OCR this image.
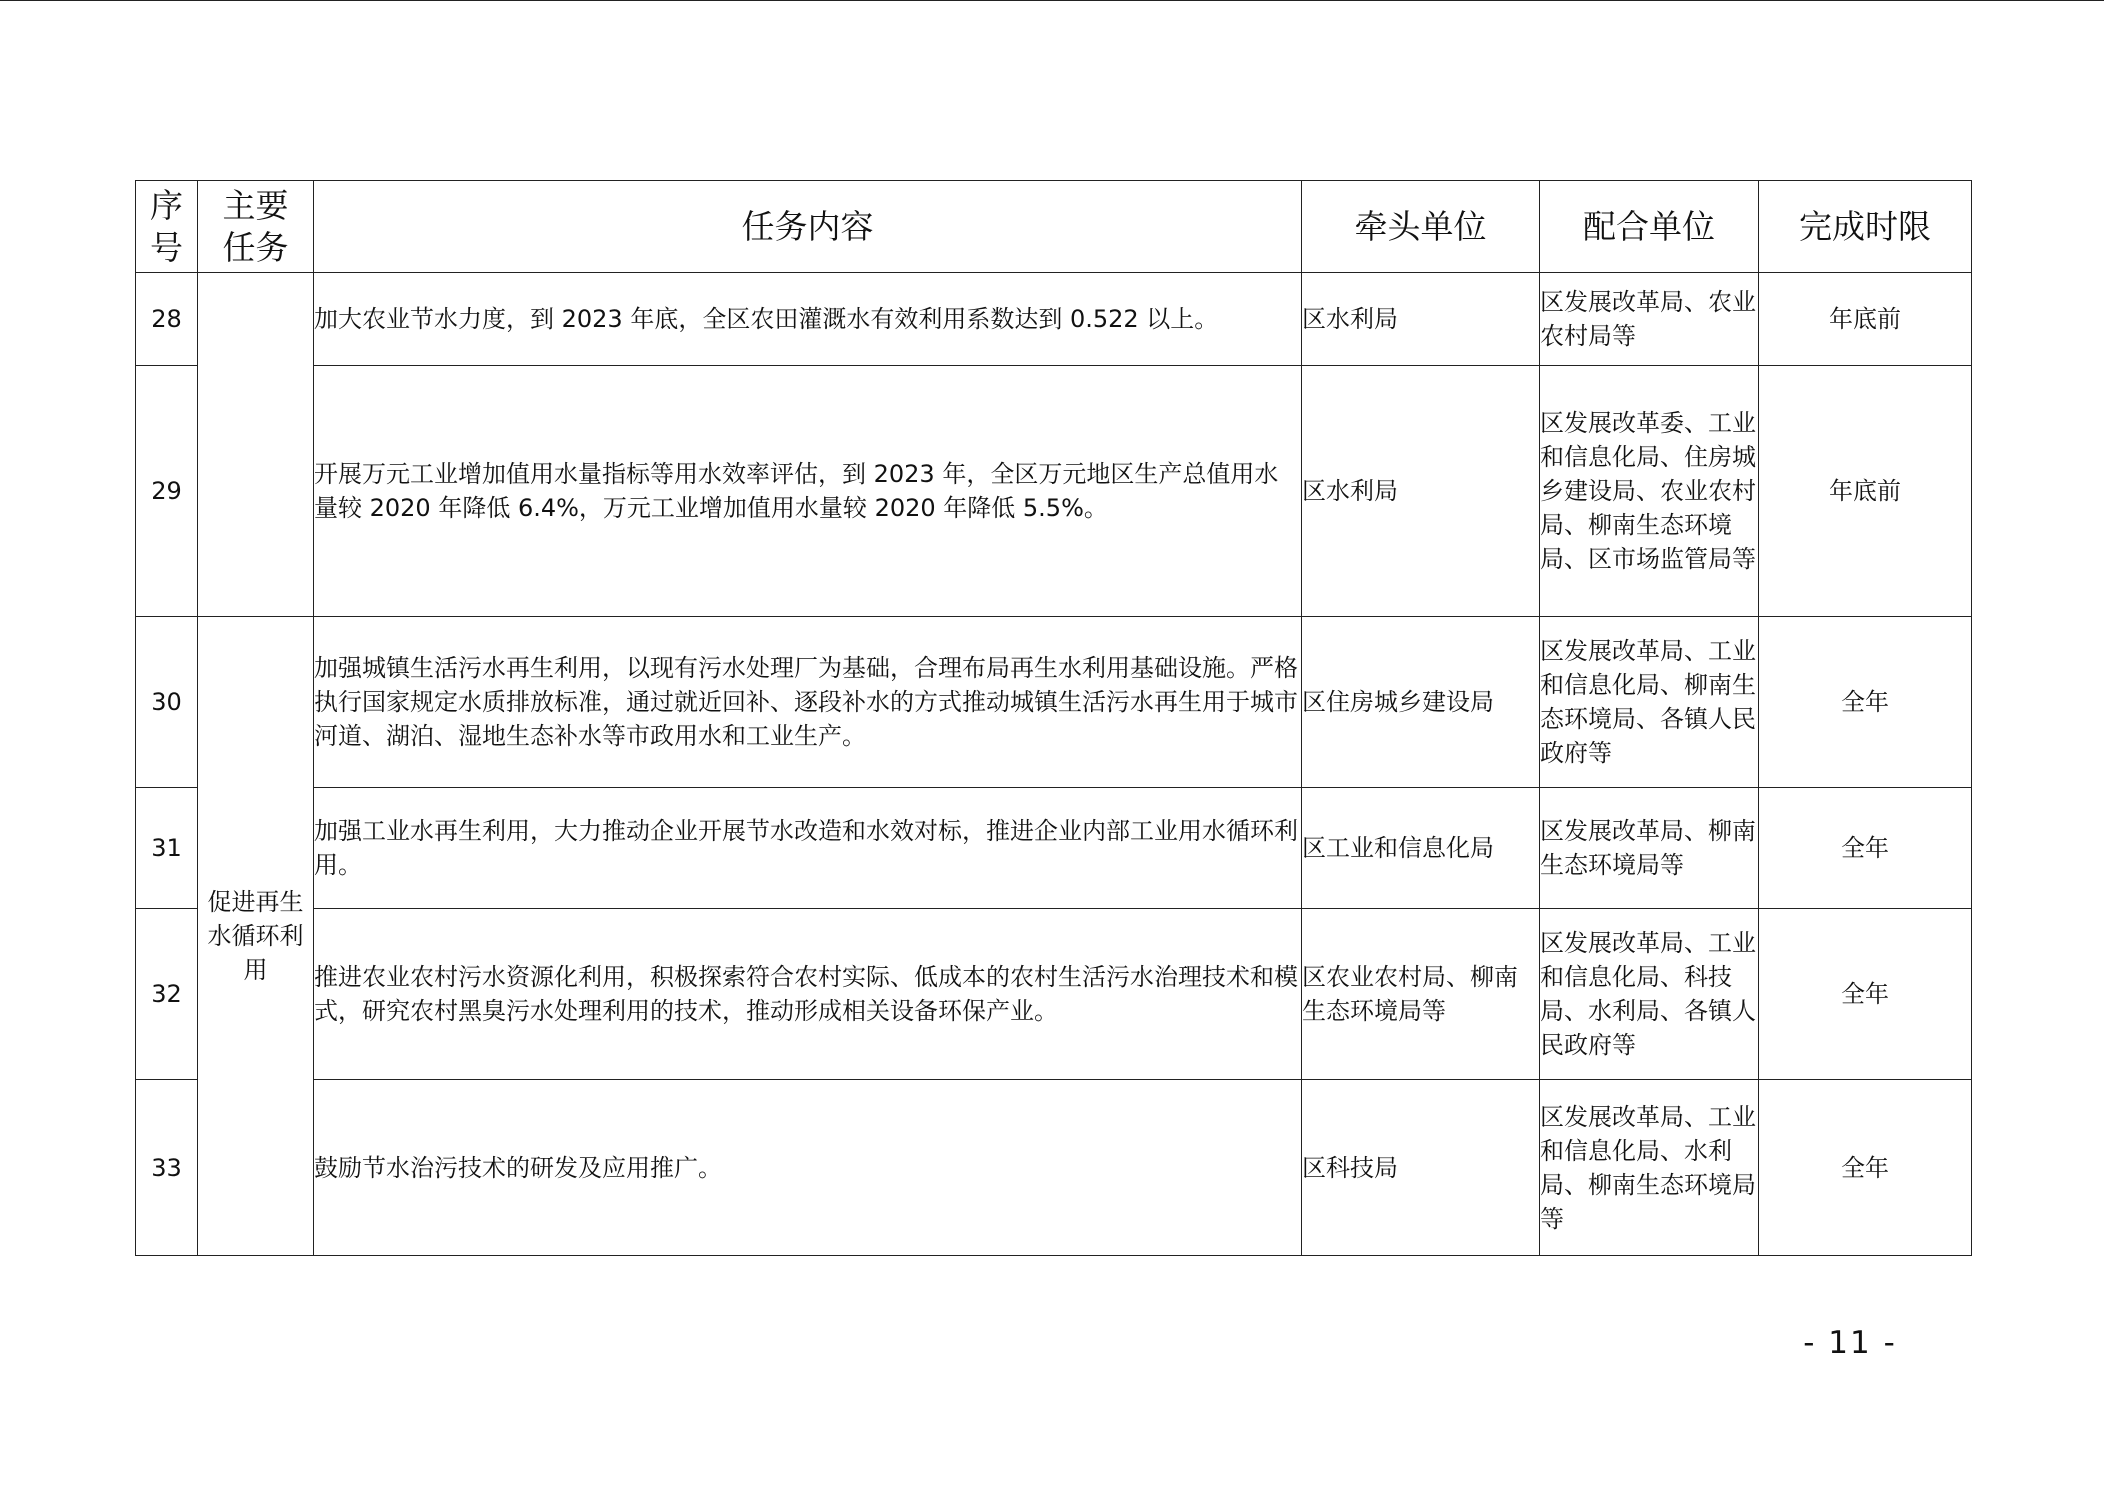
序号	主要任务	任务内容	牵头单位	配合单位	完成时限
28		加大农业节水力度，到 2023 年底，全区农田灌溉水有效利用系数达到 0.522 以上。	区水利局	区发展改革局、农业农村局等	年底前
29		开展万元工业增加值用水量指标等用水效率评估，到 2023 年，全区万元地区生产总值用水量较 2020 年降低 6.4%，万元工业增加值用水量较 2020 年降低 5.5%。	区水利局	区发展改革委、工业和信息化局、住房城乡建设局、农业农村局、柳南生态环境局、区市场监管局等	年底前
30	促进再生水循环利用	加强城镇生活污水再生利用，以现有污水处理厂为基础，合理布局再生水利用基础设施。严格执行国家规定水质排放标准，通过就近回补、逐段补水的方式推动城镇生活污水再生用于城市河道、湖泊、湿地生态补水等市政用水和工业生产。	区住房城乡建设局	区发展改革局、工业和信息化局、柳南生态环境局、各镇人民政府等	全年
31		加强工业水再生利用，大力推动企业开展节水改造和水效对标，推进企业内部工业用水循环利用。	区工业和信息化局	区发展改革局、柳南生态环境局等	全年
32		推进农业农村污水资源化利用，积极探索符合农村实际、低成本的农村生活污水治理技术和模式，研究农村黑臭污水处理利用的技术，推动形成相关设备环保产业。	区农业农村局、柳南生态环境局等	区发展改革局、工业和信息化局、科技局、水利局、各镇人民政府等	全年
33		鼓励节水治污技术的研发及应用推广。	区科技局	区发展改革局、工业和信息化局、水利局、柳南生态环境局等	全年
- 11 -
